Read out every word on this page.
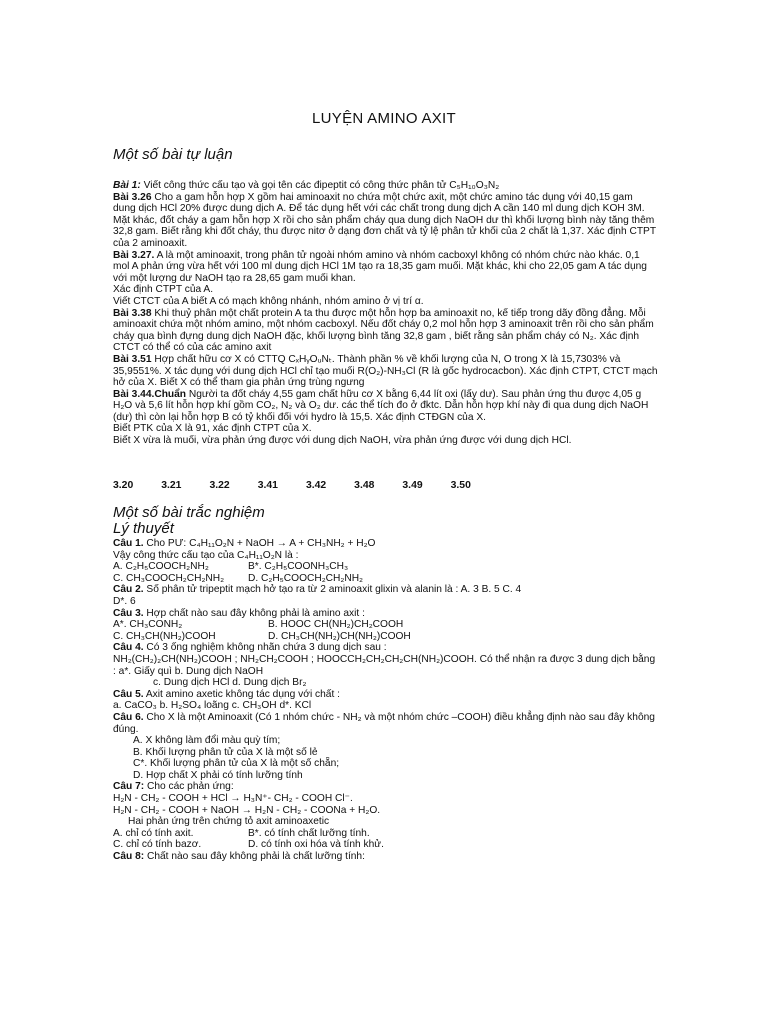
LUYỆN AMINO AXIT
Một số bài tự luận

Bài 1: Viết công thức cấu tạo và gọi tên các đipeptit có công thức phân tử C₅H₁₀O₃N₂

Bài 3.26 Cho a gam hỗn hợp X gồm hai aminoaxit no chứa một chức axit, một chức amino tác dụng với 40,15 gam dung dịch HCl 20% được dung dịch A. Để tác dụng hết với các chất trong dung dịch A cần 140 ml dung dịch KOH 3M. Mặt khác, đốt cháy a gam hỗn hợp X rồi cho sản phẩm cháy qua dung dịch NaOH dư thì khối lượng bình này tăng thêm 32,8 gam. Biết rằng khi đốt cháy, thu được nitơ ở dạng đơn chất và tỷ lệ phân tử khối của 2 chất là 1,37. Xác định CTPT của 2 aminoaxit.

Bài 3.27. A là một aminoaxit, trong phân tử ngoài nhóm amino và nhóm cacboxyl không có nhóm chức nào khác. 0,1 mol A phản ứng vừa hết với 100 ml dung dịch HCl 1M tạo ra 18,35 gam muối. Mặt khác, khi cho 22,05 gam A tác dụng với một lượng dư NaOH tạo ra 28,65 gam muối khan.

Xác định CTPT của A.

Viết CTCT của A biết A có mạch không nhánh, nhóm amino ở vị trí α.

Bài 3.38 Khi thuỷ phân một chất protein A ta thu được một hỗn hợp ba aminoaxit no, kế tiếp trong dãy đồng đẳng. Mỗi aminoaxit chứa một nhóm amino, một nhóm cacboxyl. Nếu đốt cháy 0,2 mol hỗn hợp 3 aminoaxit trên rồi cho sản phẩm cháy qua bình đựng dung dịch NaOH đặc, khối lượng bình tăng 32,8 gam , biết rằng sản phẩm cháy có N₂. Xác định CTCT có thể có của các amino axit

Bài 3.51 Hợp chất hữu cơ X có CTTQ CₓHᵧOᵤNₜ. Thành phần % về khối lượng của N, O trong X là 15,7303% và 35,9551%. X tác dụng với dung dịch HCl chỉ tạo muối R(O₂)-NH₃Cl (R là gốc hydrocacbon). Xác định CTPT, CTCT mạch hở của X. Biết X có thể tham gia phản ứng trùng ngưng

Bài 3.44.Chuẩn Người ta đốt cháy 4,55 gam chất hữu cơ X bằng 6,44 lít oxi (lấy dư). Sau phản ứng thu được 4,05 g H₂O và 5,6 lít hỗn hợp khí gồm CO₂, N₂ và O₂ dư. các thể tích đo ở đktc. Dẫn hỗn hợp khí này đi qua dung dịch NaOH (dư) thì còn lại hỗn hợp B có tỷ khối đối với hydro là 15,5. Xác định CTĐGN của X.

Biết PTK của X là 91, xác định CTPT của X.

Biết X vừa là muối, vừa phản ứng được với dung dịch NaOH, vừa phản ứng được với dung dịch HCl.

3.20	3.21	3.22	3.41	3.42	3.48	3.49	3.50
Một số bài trắc nghiệm
Lý thuyết

Câu 1. Cho PƯ: C₄H₁₁O₂N + NaOH → A + CH₃NH₂ + H₂O

Vậy công thức cấu tạo của C₄H₁₁O₂N là :

A. C₂H₅COOCH₂NH₂	B*. C₂H₅COONH₃CH₃

C. CH₃COOCH₂CH₂NH₂ D. C₂H₅COOCH₂CH₂NH₂

Câu 2. Số phân tử tripeptit mạch hở tạo ra từ 2 aminoaxit glixin và alanin là : A. 3 B. 5 C. 4

D*. 6

Câu 3. Hợp chất nào sau đây không phải là amino axit :

A*. CH₃CONH₂	B. HOOC CH(NH₂)CH₂COOH

C. CH₃CH(NH₂)COOH	D. CH₃CH(NH₂)CH(NH₂)COOH

Câu 4. Có 3 ống nghiệm không nhãn chứa 3 dung dịch sau :

NH₂(CH₂)₂CH(NH₂)COOH ; NH₂CH₂COOH ; HOOCCH₂CH₂CH₂CH(NH₂)COOH. Có thể nhận ra được 3 dung dịch bằng : a*. Giấy quì b. Dung dịch NaOH

c. Dung dịch HCl d. Dung dịch Br₂

Câu 5. Axit amino axetic không tác dụng với chất :

a. CaCO₃ b. H₂SO₄ loãng c. CH₃OH d*. KCl

Câu 6. Cho X là một Aminoaxit (Có 1 nhóm chức - NH₂ và một nhóm chức –COOH) điều khẳng định nào sau đây không đúng.

A. X không làm đổi màu quỳ tím;

B. Khối lượng phân tử của X là một số lẻ

C*. Khối lượng phân tử của X là một số chẵn;

D. Hợp chất X phải có tính lưỡng tính

Câu 7: Cho các phản ứng:

H₂N - CH₂ - COOH + HCl → H₃N⁺- CH₂ - COOH Cl⁻.

H₂N - CH₂ - COOH + NaOH → H₂N - CH₂ - COONa + H₂O.

Hai phản ứng trên chứng tỏ axit aminoaxetic

A. chỉ có tính axit.	B*. có tính chất lưỡng tính.

C. chỉ có tính bazơ.	D. có tính oxi hóa và tính khử.

Câu 8: Chất nào sau đây không phải là chất lưỡng tính:
